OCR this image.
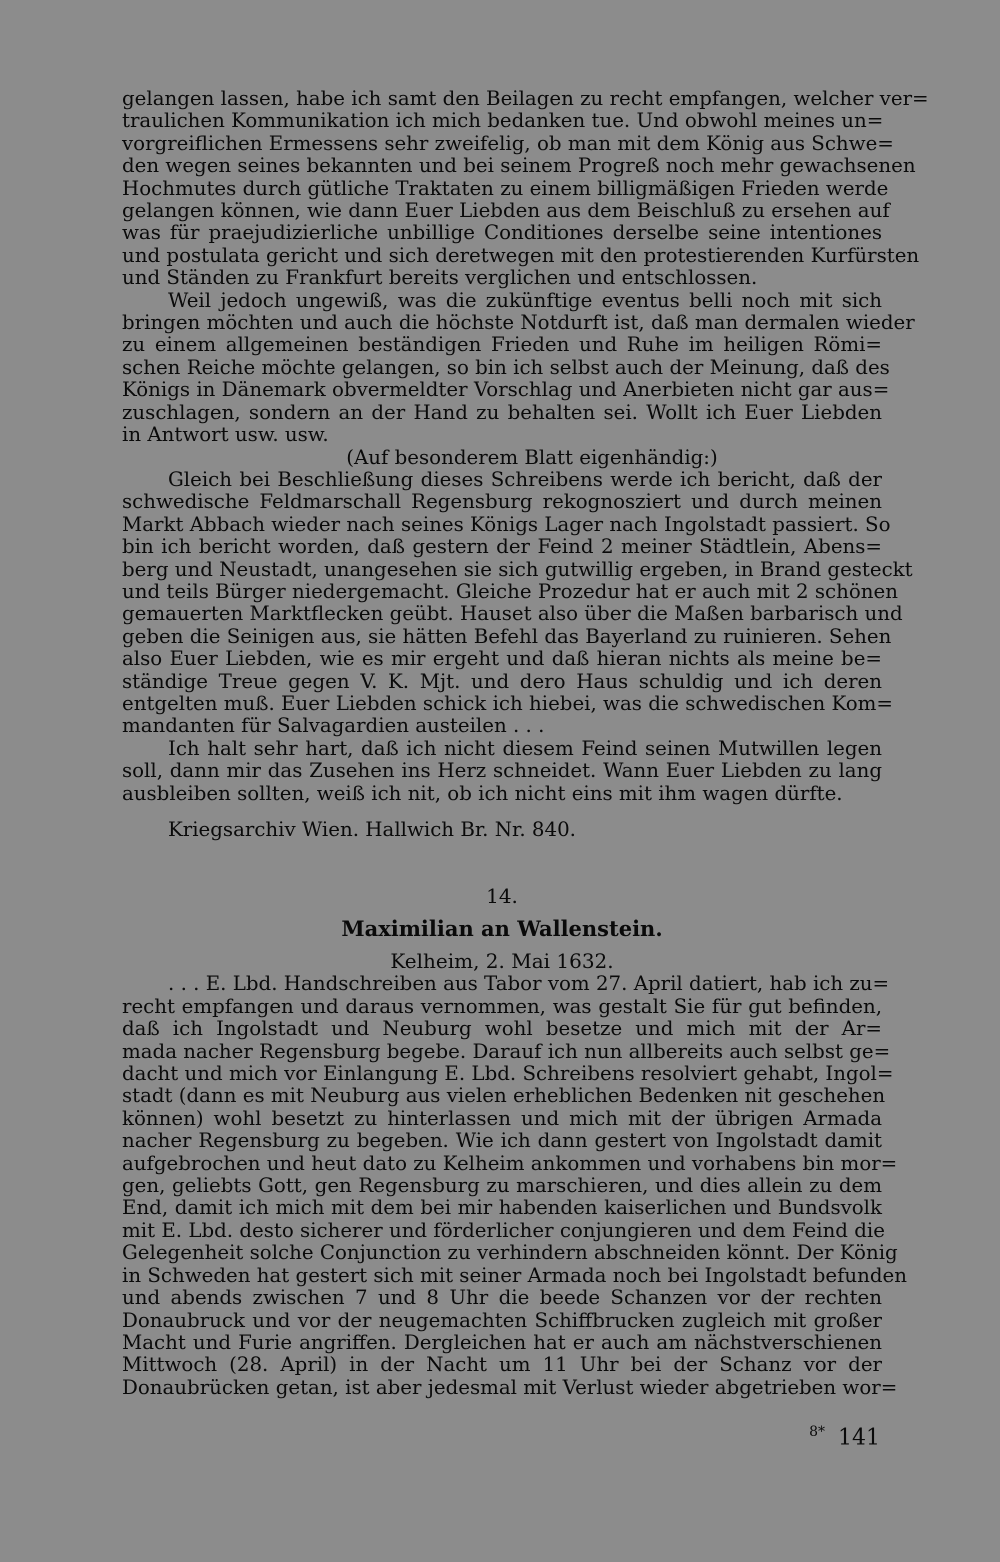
gelangen lassen, habe ich samt den Beilagen zu recht empfangen, welcher ver=
traulichen Kommunikation ich mich bedanken tue. Und obwohl meines un=
vorgreiflichen Ermessens sehr zweifelig, ob man mit dem König aus Schwe=
den wegen seines bekannten und bei seinem Progreß noch mehr gewachsenen
Hochmutes durch gütliche Traktaten zu einem billigmäßigen Frieden werde
gelangen können, wie dann Euer Liebden aus dem Beischluß zu ersehen auf
was für praejudizierliche unbillige Conditiones derselbe seine intentiones
und postulata gericht und sich deretwegen mit den protestierenden Kurfürsten
und Ständen zu Frankfurt bereits verglichen und entschlossen.
Weil jedoch ungewiß, was die zukünftige eventus belli noch mit sich
bringen möchten und auch die höchste Notdurft ist, daß man dermalen wieder
zu einem allgemeinen beständigen Frieden und Ruhe im heiligen Römi=
schen Reiche möchte gelangen, so bin ich selbst auch der Meinung, daß des
Königs in Dänemark obvermeldter Vorschlag und Anerbieten nicht gar aus=
zuschlagen, sondern an der Hand zu behalten sei. Wollt ich Euer Liebden
in Antwort usw. usw.

(Auf besonderem Blatt eigenhändig:)

Gleich bei Beschließung dieses Schreibens werde ich bericht, daß der
schwedische Feldmarschall Regensburg rekognosziert und durch meinen
Markt Abbach wieder nach seines Königs Lager nach Ingolstadt passiert. So
bin ich bericht worden, daß gestern der Feind 2 meiner Städtlein, Abens=
berg und Neustadt, unangesehen sie sich gutwillig ergeben, in Brand gesteckt
und teils Bürger niedergemacht. Gleiche Prozedur hat er auch mit 2 schönen
gemauerten Marktflecken geübt. Hauset also über die Maßen barbarisch und
geben die Seinigen aus, sie hätten Befehl das Bayerland zu ruinieren. Sehen
also Euer Liebden, wie es mir ergeht und daß hieran nichts als meine be=
ständige Treue gegen V. K. Mjt. und dero Haus schuldig und ich deren
entgelten muß. Euer Liebden schick ich hiebei, was die schwedischen Kom=
mandanten für Salvagardien austeilen . . .
Ich halt sehr hart, daß ich nicht diesem Feind seinen Mutwillen legen
soll, dann mir das Zusehen ins Herz schneidet. Wann Euer Liebden zu lang
ausbleiben sollten, weiß ich nit, ob ich nicht eins mit ihm wagen dürfte.

Kriegsarchiv Wien. Hallwich Br. Nr. 840.

14.

Maximilian an Wallenstein.

Kelheim, 2. Mai 1632.

. . . E. Lbd. Handschreiben aus Tabor vom 27. April datiert, hab ich zu=
recht empfangen und daraus vernommen, was gestalt Sie für gut befinden,
daß ich Ingolstadt und Neuburg wohl besetze und mich mit der Ar=
mada nacher Regensburg begebe. Darauf ich nun allbereits auch selbst ge=
dacht und mich vor Einlangung E. Lbd. Schreibens resolviert gehabt, Ingol=
stadt (dann es mit Neuburg aus vielen erheblichen Bedenken nit geschehen
können) wohl besetzt zu hinterlassen und mich mit der übrigen Armada
nacher Regensburg zu begeben. Wie ich dann gestert von Ingolstadt damit
aufgebrochen und heut dato zu Kelheim ankommen und vorhabens bin mor=
gen, geliebts Gott, gen Regensburg zu marschieren, und dies allein zu dem
End, damit ich mich mit dem bei mir habenden kaiserlichen und Bundsvolk
mit E. Lbd. desto sicherer und förderlicher conjungieren und dem Feind die
Gelegenheit solche Conjunction zu verhindern abschneiden könnt. Der König
in Schweden hat gestert sich mit seiner Armada noch bei Ingolstadt befunden
und abends zwischen 7 und 8 Uhr die beede Schanzen vor der rechten
Donaubruck und vor der neugemachten Schiffbrucken zugleich mit großer
Macht und Furie angriffen. Dergleichen hat er auch am nächstverschienen
Mittwoch (28. April) in der Nacht um 11 Uhr bei der Schanz vor der
Donaubrücken getan, ist aber jedesmal mit Verlust wieder abgetrieben wor=
$^{8*}$ 141
